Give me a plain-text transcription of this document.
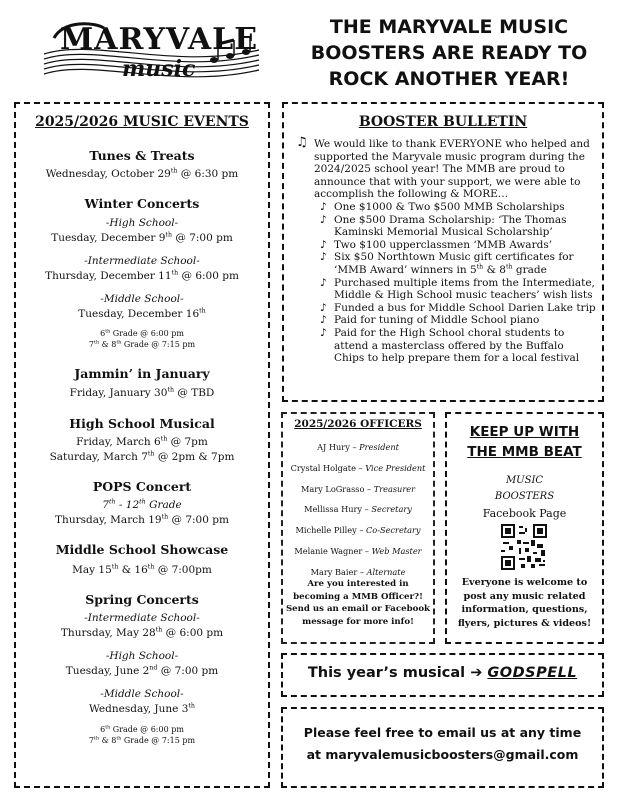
MARYVALE
music
THE MARYVALE MUSIC
BOOSTERS ARE READY TO
ROCK ANOTHER YEAR!
2025/2026 MUSIC EVENTS
Tunes & Treats
Wednesday, October 29th @ 6:30 pm
Winter Concerts
-High School-
Tuesday, December 9th @ 7:00 pm
-Intermediate School-
Thursday, December 11th @ 6:00 pm
-Middle School-
Tuesday, December 16th
6th Grade @ 6:00 pm
7th & 8th Grade @ 7:15 pm
Jammin’ in January
Friday, January 30th @ TBD
High School Musical
Friday, March 6th @ 7pm
Saturday, March 7th @ 2pm & 7pm
POPS Concert
7th - 12th Grade
Thursday, March 19th @ 7:00 pm
Middle School Showcase
May 15th & 16th @ 7:00pm
Spring Concerts
-Intermediate School-
Thursday, May 28th @ 6:00 pm
-High School-
Tuesday, June 2nd @ 7:00 pm
-Middle School-
Wednesday, June 3th
6th Grade @ 6:00 pm
7th & 8th Grade @ 7:15 pm
BOOSTER BULLETIN
♫ We would like to thank EVERYONE who helped and supported the Maryvale music program during the 2024/2025 school year! The MMB are proud to announce that with your support, we were able to accomplish the following & MORE…
♪ One $1000 & Two $500 MMB Scholarships
♪ One $500 Drama Scholarship: ‘The Thomas Kaminski Memorial Musical Scholarship’
♪ Two $100 upperclassmen ‘MMB Awards’
♪ Six $50 Northtown Music gift certificates for ‘MMB Award’ winners in 5th & 8th grade
♪ Purchased multiple items from the Intermediate, Middle & High School music teachers’ wish lists
♪ Funded a bus for Middle School Darien Lake trip
♪ Paid for tuning of Middle School piano
♪ Paid for the High School choral students to attend a masterclass offered by the Buffalo Chips to help prepare them for a local festival
2025/2026 OFFICERS
AJ Hury – President
Crystal Holgate – Vice President
Mary LoGrasso – Treasurer
Mellissa Hury – Secretary
Michelle Pilley – Co-Secretary
Melanie Wagner – Web Master
Mary Baier – Alternate
Are you interested in
becoming a MMB Officer?!
Send us an email or Facebook
message for more info!
KEEP UP WITH
THE MMB BEAT
MUSIC
BOOSTERS
Facebook Page
Everyone is welcome to
post any music related
information, questions,
flyers, pictures & videos!
This year’s musical ➔ GODSPELL
Please feel free to email us at any time
at maryvalemusicboosters@gmail.com
